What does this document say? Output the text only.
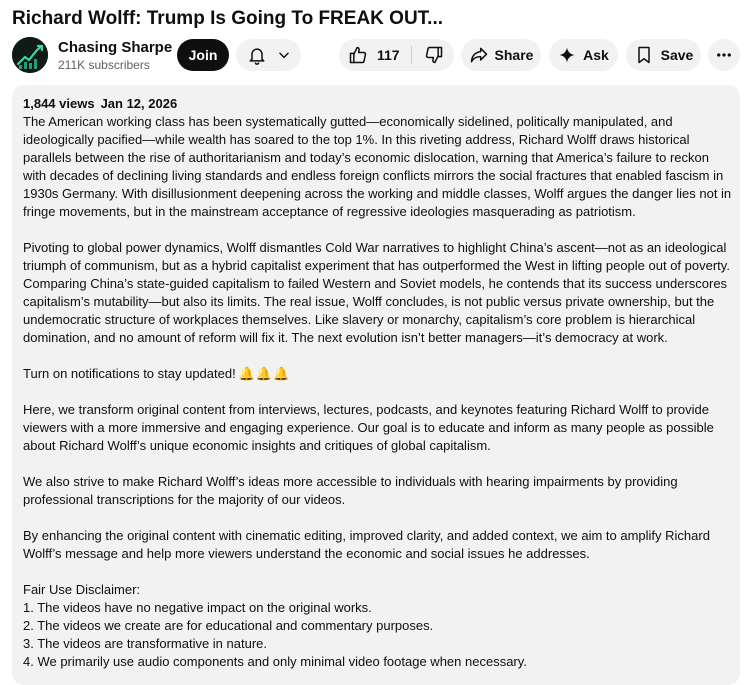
Richard Wolff: Trump Is Going To FREAK OUT...
Chasing Sharpe
211K subscribers
Join	117	Share	Ask	Save

1,844 views Jan 12, 2026

The American working class has been systematically gutted—economically sidelined, politically manipulated, and ideologically pacified—while wealth has soared to the top 1%. In this riveting address, Richard Wolff draws historical parallels between the rise of authoritarianism and today’s economic dislocation, warning that America’s failure to reckon with decades of declining living standards and endless foreign conflicts mirrors the social fractures that enabled fascism in 1930s Germany. With disillusionment deepening across the working and middle classes, Wolff argues the danger lies not in fringe movements, but in the mainstream acceptance of regressive ideologies masquerading as patriotism.

Pivoting to global power dynamics, Wolff dismantles Cold War narratives to highlight China’s ascent—not as an ideological triumph of communism, but as a hybrid capitalist experiment that has outperformed the West in lifting people out of poverty. Comparing China’s state-guided capitalism to failed Western and Soviet models, he contends that its success underscores capitalism’s mutability—but also its limits. The real issue, Wolff concludes, is not public versus private ownership, but the undemocratic structure of workplaces themselves. Like slavery or monarchy, capitalism’s core problem is hierarchical domination, and no amount of reform will fix it. The next evolution isn’t better managers—it’s democracy at work.

Turn on notifications to stay updated! 🔔🔔🔔

Here, we transform original content from interviews, lectures, podcasts, and keynotes featuring Richard Wolff to provide viewers with a more immersive and engaging experience. Our goal is to educate and inform as many people as possible about Richard Wolff’s unique economic insights and critiques of global capitalism.

We also strive to make Richard Wolff’s ideas more accessible to individuals with hearing impairments by providing professional transcriptions for the majority of our videos.

By enhancing the original content with cinematic editing, improved clarity, and added context, we aim to amplify Richard Wolff’s message and help more viewers understand the economic and social issues he addresses.

Fair Use Disclaimer:

1. The videos have no negative impact on the original works.

2. The videos we create are for educational and commentary purposes.

3. The videos are transformative in nature.

4. We primarily use audio components and only minimal video footage when necessary.
